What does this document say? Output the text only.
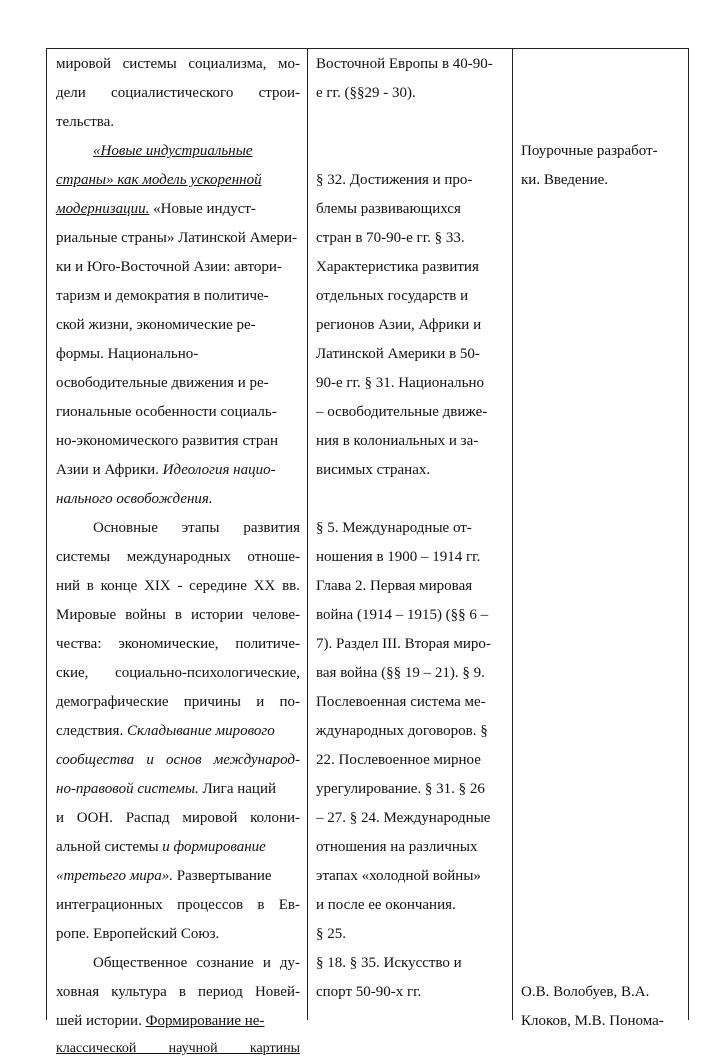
мировой системы социализма, мо-
дели социалистического строи-
тельства.
«Новые индустриальные
страны» как модель ускоренной
модернизации. «Новые индуст-
риальные страны» Латинской Амери-
ки и Юго-Восточной Азии: автори-
таризм и демократия в политиче-
ской жизни, экономические ре-
формы. Национально-
освободительные движения и ре-
гиональные особенности социаль-
но-экономического развития стран
Азии и Африки. Идеология нацио-
нального освобождения.
Основные этапы развития
системы международных отноше-
ний в конце XIX - середине XX вв.
Мировые войны в истории челове-
чества: экономические, политиче-
ские, социально-психологические,
демографические причины и по-
следствия. Складывание мирового
сообщества и основ международ-
но-правовой системы. Лига наций
и ООН. Распад мировой колони-
альной системы и формирование
«третьего мира». Развертывание
интеграционных процессов в Ев-
ропе. Европейский Союз.
Общественное сознание и ду-
ховная культура в период Новей-
шей истории. Формирование не-
классической научной картины
Восточной Европы в 40-90-
е гг. (§§29 - 30).
§ 32. Достижения и про-
блемы развивающихся
стран в 70-90-е гг. § 33.
Характеристика развития
отдельных государств и
регионов Азии, Африки и
Латинской Америки в 50-
90-е гг. § 31. Национально
– освободительные движе-
ния в колониальных и за-
висимых странах.
§ 5. Международные от-
ношения в 1900 – 1914 гг.
Глава 2. Первая мировая
война (1914 – 1915) (§§ 6 –
7). Раздел III. Вторая миро-
вая война (§§ 19 – 21). § 9.
Послевоенная система ме-
ждународных договоров. §
22. Послевоенное мирное
урегулирование. § 31. § 26
– 27. § 24. Международные
отношения на различных
этапах «холодной войны»
и после ее окончания.
§ 25.
§ 18. § 35. Искусство и
спорт 50-90-х гг.
Поурочные разработ-
ки. Введение.
О.В. Волобуев, В.А.
Клоков, М.В. Понома-
